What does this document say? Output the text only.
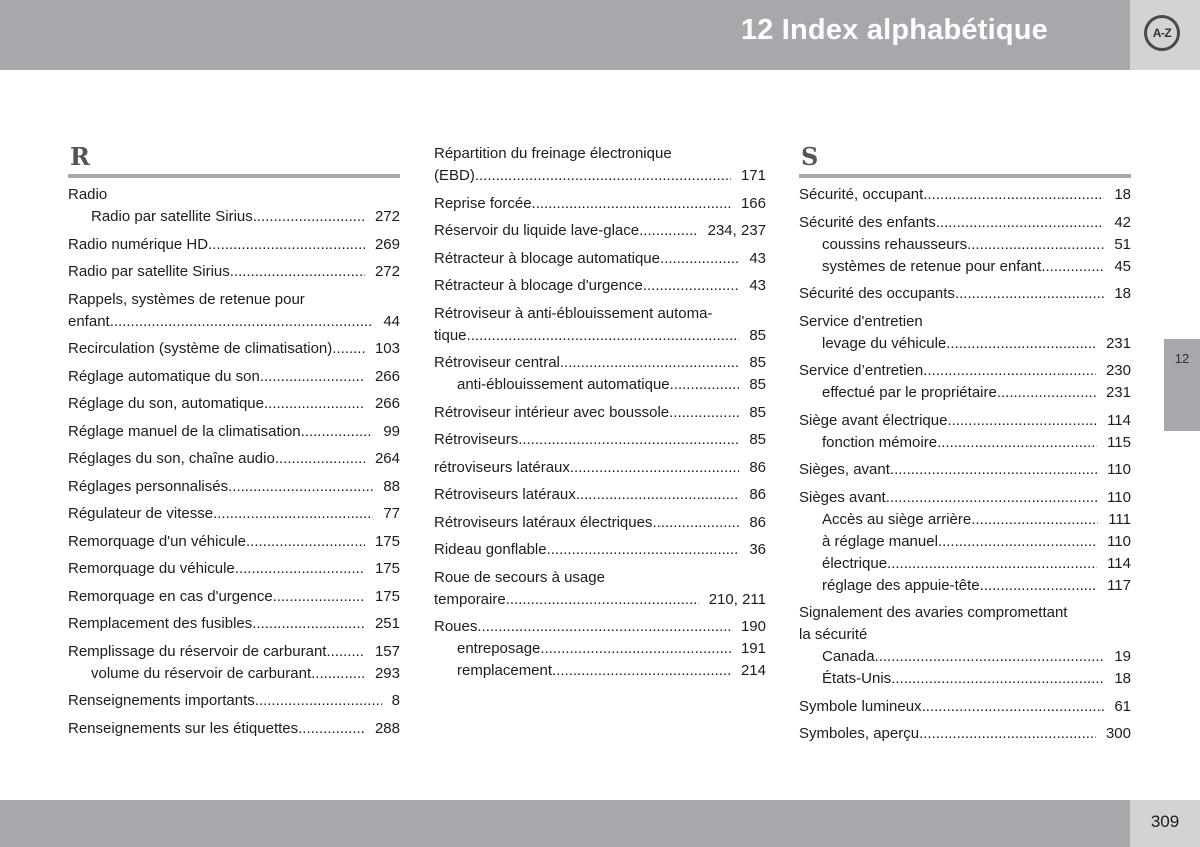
12 Index alphabétique	A-Z
R
Radio
Radio par satellite Sirius .....	272
Radio numérique HD .....	269
Radio par satellite Sirius .....	272
Rappels, systèmes de retenue pour
enfant .....	44
Recirculation (système de climatisation). .....	103
Réglage automatique du son .....	266
Réglage du son, automatique .....	266
Réglage manuel de la climatisation .....	99
Réglages du son, chaîne audio .....	264
Réglages personnalisés .....	88
Régulateur de vitesse .....	77
Remorquage d'un véhicule .....	175
Remorquage du véhicule .....	175
Remorquage en cas d'urgence .....	175
Remplacement des fusibles .....	251
Remplissage du réservoir de carburant .....	157
volume du réservoir de carburant .....	293
Renseignements importants .....	8
Renseignements sur les étiquettes .....	288
Répartition du freinage électronique
(EBD) .....	171
Reprise forcée .....	166
Réservoir du liquide lave-glace .....	234, 237
Rétracteur à blocage automatique .....	43
Rétracteur à blocage d'urgence .....	43
Rétroviseur à anti-éblouissement automa-
tique .....	85
Rétroviseur central .....	85
anti-éblouissement automatique .....	85
Rétroviseur intérieur avec boussole .....	85
Rétroviseurs .....	85
rétroviseurs latéraux .....	86
Rétroviseurs latéraux .....	86
Rétroviseurs latéraux électriques .....	86
Rideau gonflable .....	36
Roue de secours à usage
temporaire .....	210, 211
Roues .....	190
entreposage .....	191
remplacement .....	214
S
Sécurité, occupant .....	18
Sécurité des enfants .....	42
coussins rehausseurs .....	51
systèmes de retenue pour enfant .....	45
Sécurité des occupants .....	18
Service d'entretien
levage du véhicule .....	231
Service d’entretien .....	230
effectué par le propriétaire .....	231
Siège avant électrique .....	114
fonction mémoire .....	115
Sièges, avant .....	110
Sièges avant .....	110
Accès au siège arrière .....	111
à réglage manuel .....	110
électrique .....	114
réglage des appuie-tête .....	117
Signalement des avaries compromettant
la sécurité
Canada .....	19
États-Unis .....	18
Symbole lumineux .....	61
Symboles, aperçu .....	300
12
309
